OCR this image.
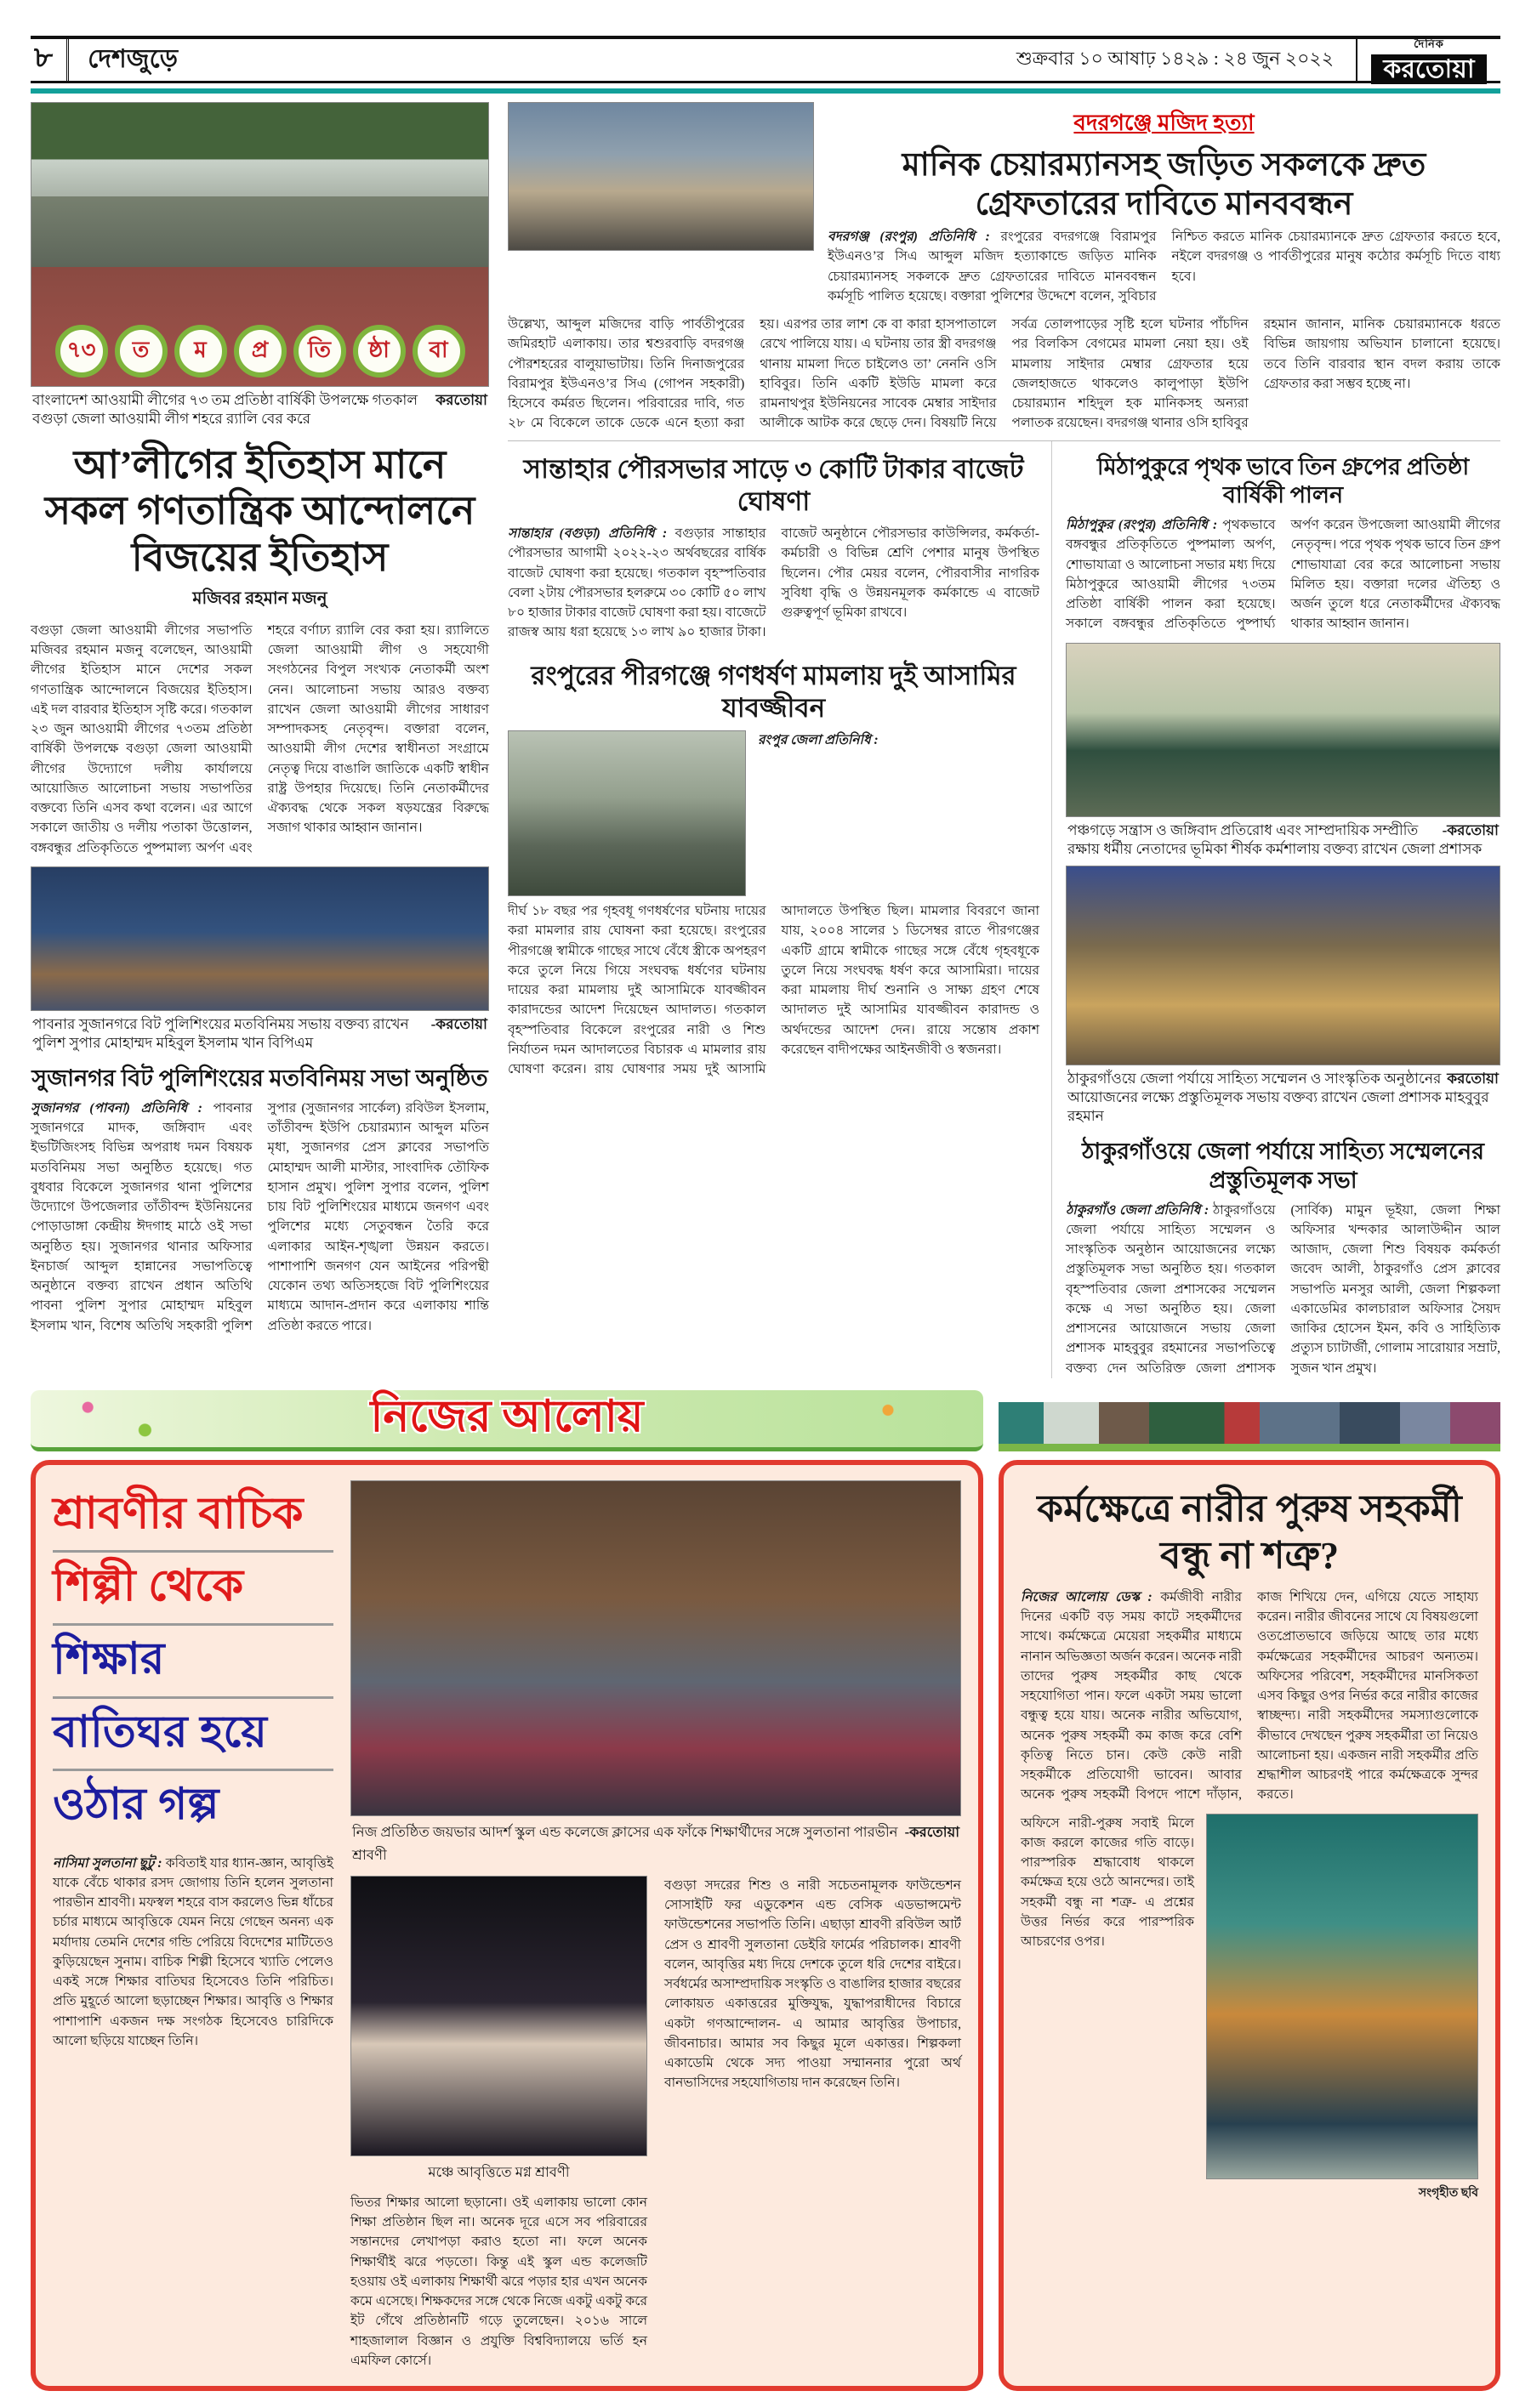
৮	দেশজুড়ে	শুক্রবার ১০ আষাঢ় ১৪২৯ : ২৪ জুন ২০২২
দৈনিক
করতোয়া
৭৩	ত	ম	প্র	তি	ষ্ঠা	বা
করতোয়া
বাংলাদেশ আওয়ামী লীগের ৭৩ তম প্রতিষ্ঠা বার্ষিকী উপলক্ষে গতকাল বগুড়া জেলা আওয়ামী লীগ শহরে র‌্যালি বের করে
আ’লীগের ইতিহাস মানে সকল গণতান্ত্রিক আন্দোলনে বিজয়ের ইতিহাস
মজিবর রহমান মজনু
বগুড়া জেলা আওয়ামী লীগের সভাপতি মজিবর রহমান মজনু বলেছেন, আওয়ামী লীগের ইতিহাস মানে দেশের সকল গণতান্ত্রিক আন্দোলনে বিজয়ের ইতিহাস। এই দল বারবার ইতিহাস সৃষ্টি করে। গতকাল ২৩ জুন আওয়ামী লীগের ৭৩তম প্রতিষ্ঠা বার্ষিকী উপলক্ষে বগুড়া জেলা আওয়ামী লীগের উদ্যোগে দলীয় কার্যালয়ে আয়োজিত আলোচনা সভায় সভাপতির বক্তব্যে তিনি এসব কথা বলেন। এর আগে সকালে জাতীয় ও দলীয় পতাকা উত্তোলন, বঙ্গবন্ধুর প্রতিকৃতিতে পুষ্পমাল্য অর্পণ এবং শহরে বর্ণাঢ্য র‌্যালি বের করা হয়। র‌্যালিতে জেলা আওয়ামী লীগ ও সহযোগী সংগঠনের বিপুল সংখ্যক নেতাকর্মী অংশ নেন। আলোচনা সভায় আরও বক্তব্য রাখেন জেলা আওয়ামী লীগের সাধারণ সম্পাদকসহ নেতৃবৃন্দ। বক্তারা বলেন, আওয়ামী লীগ দেশের স্বাধীনতা সংগ্রামে নেতৃত্ব দিয়ে বাঙালি জাতিকে একটি স্বাধীন রাষ্ট্র উপহার দিয়েছে। তিনি নেতাকর্মীদের ঐক্যবদ্ধ থেকে সকল ষড়যন্ত্রের বিরুদ্ধে সজাগ থাকার আহ্বান জানান।
-করতোয়া
পাবনার সুজানগরে বিট পুলিশিংয়ের মতবিনিময় সভায় বক্তব্য রাখেন পুলিশ সুপার মোহাম্মদ মহিবুল ইসলাম খান বিপিএম
সুজানগর বিট পুলিশিংয়ের মতবিনিময় সভা অনুষ্ঠিত
সুজানগর (পাবনা) প্রতিনিধি : পাবনার সুজানগরে মাদক, জঙ্গিবাদ এবং ইভটিজিংসহ বিভিন্ন অপরাধ দমন বিষয়ক মতবিনিময় সভা অনুষ্ঠিত হয়েছে। গত বুধবার বিকেলে সুজানগর থানা পুলিশের উদ্যোগে উপজেলার তাঁতীবন্দ ইউনিয়নের পোড়াডাঙ্গা কেন্দ্রীয় ঈদগাহ মাঠে ওই সভা অনুষ্ঠিত হয়। সুজানগর থানার অফিসার ইনচার্জ আব্দুল হান্নানের সভাপতিত্বে অনুষ্ঠানে বক্তব্য রাখেন প্রধান অতিথি পাবনা পুলিশ সুপার মোহাম্মদ মহিবুল ইসলাম খান, বিশেষ অতিথি সহকারী পুলিশ সুপার (সুজানগর সার্কেল) রবিউল ইসলাম, তাঁতীবন্দ ইউপি চেয়ারম্যান আব্দুল মতিন মৃধা, সুজানগর প্রেস ক্লাবের সভাপতি মোহাম্মদ আলী মাস্টার, সাংবাদিক তৌফিক হাসান প্রমুখ। পুলিশ সুপার বলেন, পুলিশ চায় বিট পুলিশিংয়ের মাধ্যমে জনগণ এবং পুলিশের মধ্যে সেতুবন্ধন তৈরি করে এলাকার আইন-শৃঙ্খলা উন্নয়ন করতে। পাশাপাশি জনগণ যেন আইনের পরিপন্থী যেকোন তথ্য অতিসহজে বিট পুলিশিংয়ের মাধ্যমে আদান-প্রদান করে এলাকায় শান্তি প্রতিষ্ঠা করতে পারে।
বদরগঞ্জে মজিদ হত্যা
মানিক চেয়ারম্যানসহ জড়িত সকলকে দ্রুত গ্রেফতারের দাবিতে মানববন্ধন
বদরগঞ্জ (রংপুর) প্রতিনিধি : রংপুরের বদরগঞ্জে বিরামপুর ইউএনও’র সিএ আব্দুল মজিদ হত্যাকান্ডে জড়িত মানিক চেয়ারম্যানসহ সকলকে দ্রুত গ্রেফতারের দাবিতে মানববন্ধন কর্মসূচি পালিত হয়েছে। বক্তারা পুলিশের উদ্দেশে বলেন, সুবিচার নিশ্চিত করতে মানিক চেয়ারম্যানকে দ্রুত গ্রেফতার করতে হবে, নইলে বদরগঞ্জ ও পার্বতীপুরের মানুষ কঠোর কর্মসূচি দিতে বাধ্য হবে।
উল্লেখ্য, আব্দুল মজিদের বাড়ি পার্বতীপুরের জমিরহাট এলাকায়। তার শ্বশুরবাড়ি বদরগঞ্জ পৌরশহরের বালুয়াভাটায়। তিনি দিনাজপুরের বিরামপুর ইউএনও’র সিএ (গোপন সহকারী) হিসেবে কর্মরত ছিলেন। পরিবারের দাবি, গত ২৮ মে বিকেলে তাকে ডেকে এনে হত্যা করা হয়। এরপর তার লাশ কে বা কারা হাসপাতালে রেখে পালিয়ে যায়। এ ঘটনায় তার স্ত্রী বদরগঞ্জ থানায় মামলা দিতে চাইলেও তা’ নেননি ওসি হাবিবুর। তিনি একটি ইউডি মামলা করে রামনাথপুর ইউনিয়নের সাবেক মেম্বার সাইদার আলীকে আটক করে ছেড়ে দেন। বিষয়টি নিয়ে সর্বত্র তোলপাড়ের সৃষ্টি হলে ঘটনার পাঁচদিন পর বিলকিস বেগমের মামলা নেয়া হয়। ওই মামলায় সাইদার মেম্বার গ্রেফতার হয়ে জেলহাজতে থাকলেও কালুপাড়া ইউপি চেয়ারম্যান শহিদুল হক মানিকসহ অন্যরা পলাতক রয়েছেন। বদরগঞ্জ থানার ওসি হাবিবুর রহমান জানান, মানিক চেয়ারম্যানকে ধরতে বিভিন্ন জায়গায় অভিযান চালানো হয়েছে। তবে তিনি বারবার স্থান বদল করায় তাকে গ্রেফতার করা সম্ভব হচ্ছে না।
সান্তাহার পৌরসভার সাড়ে ৩ কোটি টাকার বাজেট ঘোষণা
সান্তাহার (বগুড়া) প্রতিনিধি : বগুড়ার সান্তাহার পৌরসভার আগামী ২০২২-২৩ অর্থবছরের বার্ষিক বাজেট ঘোষণা করা হয়েছে। গতকাল বৃহস্পতিবার বেলা ২টায় পৌরসভার হলরুমে ৩০ কোটি ৫০ লাখ ৮০ হাজার টাকার বাজেট ঘোষণা করা হয়। বাজেটে রাজস্ব আয় ধরা হয়েছে ১৩ লাখ ৯০ হাজার টাকা। বাজেট অনুষ্ঠানে পৌরসভার কাউন্সিলর, কর্মকর্তা-কর্মচারী ও বিভিন্ন শ্রেণি পেশার মানুষ উপস্থিত ছিলেন। পৌর মেয়র বলেন, পৌরবাসীর নাগরিক সুবিধা বৃদ্ধি ও উন্নয়নমূলক কর্মকান্ডে এ বাজেট গুরুত্বপূর্ণ ভূমিকা রাখবে।
রংপুরের পীরগঞ্জে গণধর্ষণ মামলায় দুই আসামির যাবজ্জীবন
রংপুর জেলা প্রতিনিধি :
দীর্ঘ ১৮ বছর পর গৃহবধূ গণধর্ষণের ঘটনায় দায়ের করা মামলার রায় ঘোষনা করা হয়েছে। রংপুরের পীরগঞ্জে স্বামীকে গাছের সাথে বেঁধে স্ত্রীকে অপহরণ করে তুলে নিয়ে গিয়ে সংঘবদ্ধ ধর্ষণের ঘটনায় দায়ের করা মামলায় দুই আসামিকে যাবজ্জীবন কারাদন্ডের আদেশ দিয়েছেন আদালত। গতকাল বৃহস্পতিবার বিকেলে রংপুরের নারী ও শিশু নির্যাতন দমন আদালতের বিচারক এ মামলার রায় ঘোষণা করেন। রায় ঘোষণার সময় দুই আসামি আদালতে উপস্থিত ছিল। মামলার বিবরণে জানা যায়, ২০০৪ সালের ১ ডিসেম্বর রাতে পীরগঞ্জের একটি গ্রামে স্বামীকে গাছের সঙ্গে বেঁধে গৃহবধূকে তুলে নিয়ে সংঘবদ্ধ ধর্ষণ করে আসামিরা। দায়ের করা মামলায় দীর্ঘ শুনানি ও সাক্ষ্য গ্রহণ শেষে আদালত দুই আসামির যাবজ্জীবন কারাদন্ড ও অর্থদন্ডের আদেশ দেন। রায়ে সন্তোষ প্রকাশ করেছেন বাদীপক্ষের আইনজীবী ও স্বজনরা।
মিঠাপুকুরে পৃথক ভাবে তিন গ্রুপের প্রতিষ্ঠা বার্ষিকী পালন
মিঠাপুকুর (রংপুর) প্রতিনিধি : পৃথকভাবে বঙ্গবন্ধুর প্রতিকৃতিতে পুষ্পমাল্য অর্পণ, শোভাযাত্রা ও আলোচনা সভার মধ্য দিয়ে মিঠাপুকুরে আওয়ামী লীগের ৭৩তম প্রতিষ্ঠা বার্ষিকী পালন করা হয়েছে। সকালে বঙ্গবন্ধুর প্রতিকৃতিতে পুষ্পার্ঘ্য অর্পণ করেন উপজেলা আওয়ামী লীগের নেতৃবৃন্দ। পরে পৃথক পৃথক ভাবে তিন গ্রুপ শোভাযাত্রা বের করে আলোচনা সভায় মিলিত হয়। বক্তারা দলের ঐতিহ্য ও অর্জন তুলে ধরে নেতাকর্মীদের ঐক্যবদ্ধ থাকার আহ্বান জানান।
-করতোয়া
পঞ্চগড়ে সন্ত্রাস ও জঙ্গিবাদ প্রতিরোধ এবং সাম্প্রদায়িক সম্প্রীতি রক্ষায় ধর্মীয় নেতাদের ভূমিকা শীর্ষক কর্মশালায় বক্তব্য রাখেন জেলা প্রশাসক
করতোয়া
ঠাকুরগাঁওয়ে জেলা পর্যায়ে সাহিত্য সম্মেলন ও সাংস্কৃতিক অনুষ্ঠানের আয়োজনের লক্ষ্যে প্রস্তুতিমূলক সভায় বক্তব্য রাখেন জেলা প্রশাসক মাহবুবুর রহমান
ঠাকুরগাঁওয়ে জেলা পর্যায়ে সাহিত্য সম্মেলনের প্রস্তুতিমূলক সভা
ঠাকুরগাঁও জেলা প্রতিনিধি : ঠাকুরগাঁওয়ে জেলা পর্যায়ে সাহিত্য সম্মেলন ও সাংস্কৃতিক অনুষ্ঠান আয়োজনের লক্ষ্যে প্রস্তুতিমূলক সভা অনুষ্ঠিত হয়। গতকাল বৃহস্পতিবার জেলা প্রশাসকের সম্মেলন কক্ষে এ সভা অনুষ্ঠিত হয়। জেলা প্রশাসনের আয়োজনে সভায় জেলা প্রশাসক মাহবুবুর রহমানের সভাপতিত্বে বক্তব্য দেন অতিরিক্ত জেলা প্রশাসক (সার্বিক) মামুন ভূইয়া, জেলা শিক্ষা অফিসার খন্দকার আলাউদ্দীন আল আজাদ, জেলা শিশু বিষয়ক কর্মকর্তা জবেদ আলী, ঠাকুরগাঁও প্রেস ক্লাবের সভাপতি মনসুর আলী, জেলা শিল্পকলা একাডেমির কালচারাল অফিসার সৈয়দ জাকির হোসেন ইমন, কবি ও সাহিত্যিক প্রত্যুস চ্যাটার্জী, গোলাম সারোয়ার সম্রাট, সুজন খান প্রমুখ।
নিজের আলোয়
শ্রাবণীর বাচিক
শিল্পী থেকে
শিক্ষার
বাতিঘর হয়ে
ওঠার গল্প
নাসিমা সুলতানা ছুটু : কবিতাই যার ধ্যান-জ্ঞান, আবৃত্তিই যাকে বেঁচে থাকার রসদ জোগায় তিনি হলেন সুলতানা পারভীন শ্রাবণী। মফস্বল শহরে বাস করলেও ভিন্ন ধাঁচের চর্চার মাধ্যমে আবৃত্তিকে যেমন নিয়ে গেছেন অনন্য এক মর্যাদায় তেমনি দেশের গন্ডি পেরিয়ে বিদেশের মাটিতেও কুড়িয়েছেন সুনাম। বাচিক শিল্পী হিসেবে খ্যাতি পেলেও একই সঙ্গে শিক্ষার বাতিঘর হিসেবেও তিনি পরিচিত। প্রতি মুহূর্তে আলো ছড়াচ্ছেন শিক্ষার। আবৃত্তি ও শিক্ষার পাশাপাশি একজন দক্ষ সংগঠক হিসেবেও চারিদিকে আলো ছড়িয়ে যাচ্ছেন তিনি।
-করতোয়া
নিজ প্রতিষ্ঠিত জয়ভার আদর্শ স্কুল এন্ড কলেজে ক্লাসের এক ফাঁকে শিক্ষার্থীদের সঙ্গে সুলতানা পারভীন শ্রাবণী
মঞ্চে আবৃত্তিতে মগ্ন শ্রাবণী
ভিতর শিক্ষার আলো ছড়ানো। ওই এলাকায় ভালো কোন শিক্ষা প্রতিষ্ঠান ছিল না। অনেক দূরে এসে সব পরিবারের সন্তানদের লেখাপড়া করাও হতো না। ফলে অনেক শিক্ষার্থীই ঝরে পড়তো। কিন্তু এই স্কুল এন্ড কলেজটি হওয়ায় ওই এলাকায় শিক্ষার্থী ঝরে পড়ার হার এখন অনেক কমে এসেছে। শিক্ষকদের সঙ্গে থেকে নিজে একটু একটু করে ইট গেঁথে প্রতিষ্ঠানটি গড়ে তুলেছেন। ২০১৬ সালে শাহজালাল বিজ্ঞান ও প্রযুক্তি বিশ্ববিদ্যালয়ে ভর্তি হন এমফিল কোর্সে।
বগুড়া সদরের শিশু ও নারী সচেতনামূলক ফাউন্ডেশন সোসাইটি ফর এডুকেশন এন্ড বেসিক এডভান্সমেন্ট ফাউন্ডেশনের সভাপতি তিনি। এছাড়া শ্রাবণী রবিউল আর্ট প্রেস ও শ্রাবণী সুলতানা ডেইরি ফার্মের পরিচালক। শ্রাবণী বলেন, আবৃত্তির মধ্য দিয়ে দেশকে তুলে ধরি দেশের বাইরে। সর্বধর্মের অসাম্প্রদায়িক সংস্কৃতি ও বাঙালির হাজার বছরের লোকায়ত একাত্তরের মুক্তিযুদ্ধ, যুদ্ধাপরাধীদের বিচারে একটা গণআন্দোলন- এ আমার আবৃত্তির উপাচার, জীবনাচার। আমার সব কিছুর মূলে একাত্তর। শিল্পকলা একাডেমি থেকে সদ্য পাওয়া সম্মাননার পুরো অর্থ বানভাসিদের সহযোগিতায় দান করেছেন তিনি।
কর্মক্ষেত্রে নারীর পুরুষ সহকর্মী বন্ধু না শত্রু?
নিজের আলোয় ডেস্ক : কর্মজীবী নারীর দিনের একটি বড় সময় কাটে সহকর্মীদের সাথে। কর্মক্ষেত্রে মেয়েরা সহকর্মীর মাধ্যমে নানান অভিজ্ঞতা অর্জন করেন। অনেক নারী তাদের পুরুষ সহকর্মীর কাছ থেকে সহযোগিতা পান। ফলে একটা সময় ভালো বন্ধুত্ব হয়ে যায়। অনেক নারীর অভিযোগ, অনেক পুরুষ সহকর্মী কম কাজ করে বেশি কৃতিত্ব নিতে চান। কেউ কেউ নারী সহকর্মীকে প্রতিযোগী ভাবেন। আবার অনেক পুরুষ সহকর্মী বিপদে পাশে দাঁড়ান, কাজ শিখিয়ে দেন, এগিয়ে যেতে সাহায্য করেন। নারীর জীবনের সাথে যে বিষয়গুলো ওতপ্রোতভাবে জড়িয়ে আছে তার মধ্যে কর্মক্ষেত্রের সহকর্মীদের আচরণ অন্যতম। অফিসের পরিবেশ, সহকর্মীদের মানসিকতা এসব কিছুর ওপর নির্ভর করে নারীর কাজের স্বাচ্ছন্দ্য। নারী সহকর্মীদের সমস্যাগুলোকে কীভাবে দেখছেন পুরুষ সহকর্মীরা তা নিয়েও আলোচনা হয়। একজন নারী সহকর্মীর প্রতি শ্রদ্ধাশীল আচরণই পারে কর্মক্ষেত্রকে সুন্দর করতে।
অফিসে নারী-পুরুষ সবাই মিলে কাজ করলে কাজের গতি বাড়ে। পারস্পরিক শ্রদ্ধাবোধ থাকলে কর্মক্ষেত্র হয়ে ওঠে আনন্দের। তাই সহকর্মী বন্ধু না শত্রু- এ প্রশ্নের উত্তর নির্ভর করে পারস্পরিক আচরণের ওপর।
সংগৃহীত ছবি
